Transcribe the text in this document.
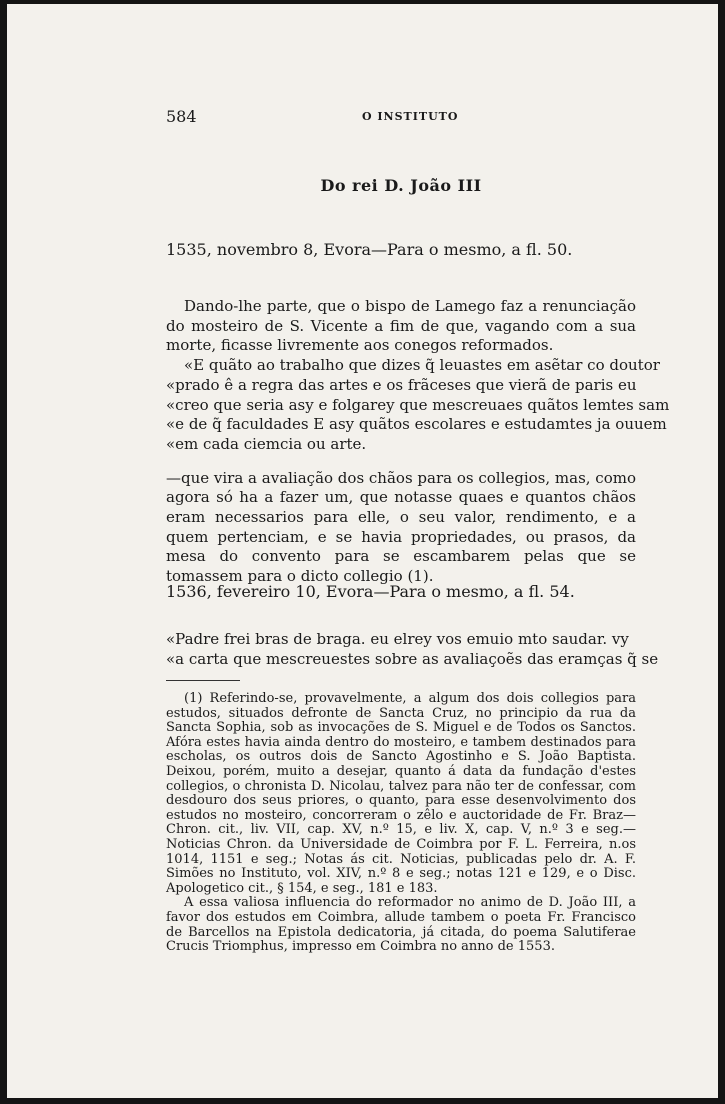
584	O INSTITUTO
Do rei D. João III
1535, novembro 8, Evora—Para o mesmo, a fl. 50.

Dando-lhe parte, que o bispo de Lamego faz a renunciação do mosteiro de S. Vicente a fim de que, vagando com a sua morte, ficasse livremente aos conegos reformados.

«E quãto ao trabalho que dizes q̃ leuastes em asẽtar co doutor

«prado ê a regra das artes e os frãceses que vierã de paris eu

«creo que seria asy e folgarey que mescreuaes quãtos lemtes sam

«e de q̃ faculdades E asy quãtos escolares e estudamtes ja ouuem

«em cada ciemcia ou arte.

—que vira a avaliação dos chãos para os collegios, mas, como agora só ha a fazer um, que notasse quaes e quantos chãos eram necessarios para elle, o seu valor, rendimento, e a quem pertenciam, e se havia propriedades, ou prasos, da mesa do convento para se escambarem pelas que se tomassem para o dicto collegio (1).

1536, fevereiro 10, Evora—Para o mesmo, a fl. 54.

«Padre frei bras de braga. eu elrey vos emuio mto saudar. vy

«a carta que mescreuestes sobre as avaliaçoẽs das eramças q̃ se

(1) Referindo-se, provavelmente, a algum dos dois collegios para estudos, situados defronte de Sancta Cruz, no principio da rua da Sancta Sophia, sob as invocações de S. Miguel e de Todos os Sanctos. Afóra estes havia ainda dentro do mosteiro, e tambem destinados para escholas, os outros dois de Sancto Agostinho e S. João Baptista. Deixou, porém, muito a desejar, quanto á data da fundação d'estes collegios, o chronista D. Nicolau, talvez para não ter de confessar, com desdouro dos seus priores, o quanto, para esse desenvolvimento dos estudos no mosteiro, concorreram o zêlo e auctoridade de Fr. Braz—Chron. cit., liv. VII, cap. XV, n.º 15, e liv. X, cap. V, n.º 3 e seg.—Noticias Chron. da Universidade de Coimbra por F. L. Ferreira, n.os 1014, 1151 e seg.; Notas ás cit. Noticias, publicadas pelo dr. A. F. Simões no Instituto, vol. XIV, n.º 8 e seg.; notas 121 e 129, e o Disc. Apologetico cit., § 154, e seg., 181 e 183.

A essa valiosa influencia do reformador no animo de D. João III, a favor dos estudos em Coimbra, allude tambem o poeta Fr. Francisco de Barcellos na Epistola dedicatoria, já citada, do poema Salutiferae Crucis Triomphus, impresso em Coimbra no anno de 1553.
